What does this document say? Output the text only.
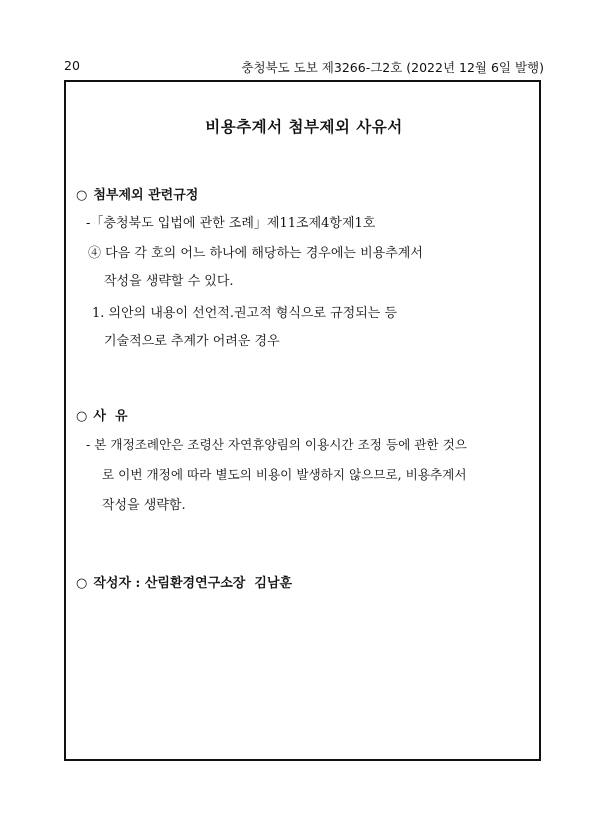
20	충청북도 도보 제3266-그2호 (2022년 12월 6일 발행)
비용추계서 첨부제외 사유서
○ 첨부제외 관련규정
-「충청북도 입법에 관한 조례」제11조제4항제1호
④ 다음 각 호의 어느 하나에 해당하는 경우에는 비용추계서
작성을 생략할 수 있다.
1. 의안의 내용이 선언적.권고적 형식으로 규정되는 등
기술적으로 추계가 어려운 경우
○ 사  유
- 본 개정조례안은 조령산 자연휴양림의 이용시간 조정 등에 관한 것으
로 이번 개정에 따라 별도의 비용이 발생하지 않으므로, 비용추계서
작성을 생략함.
○ 작성자 : 산림환경연구소장  김남훈
